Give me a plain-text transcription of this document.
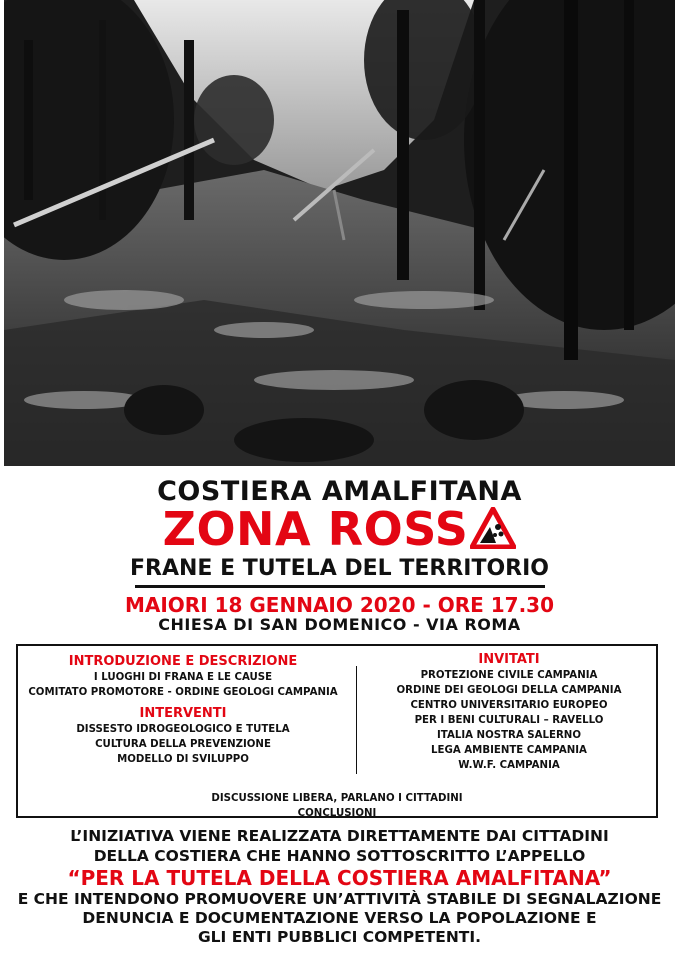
COSTIERA AMALFITANA
ZONA ROSS
FRANE E TUTELA DEL TERRITORIO
MAIORI 18 GENNAIO 2020 - ORE 17.30
CHIESA DI SAN DOMENICO - VIA ROMA
INTRODUZIONE E DESCRIZIONE
I LUOGHI DI FRANA E LE CAUSE
COMITATO PROMOTORE - ORDINE GEOLOGI CAMPANIA
INTERVENTI
DISSESTO IDROGEOLOGICO E TUTELA
CULTURA DELLA PREVENZIONE
MODELLO DI SVILUPPO
INVITATI
PROTEZIONE CIVILE CAMPANIA
ORDINE DEI GEOLOGI DELLA CAMPANIA
CENTRO UNIVERSITARIO EUROPEO
PER I BENI CULTURALI – RAVELLO
ITALIA NOSTRA SALERNO
LEGA AMBIENTE CAMPANIA
W.W.F. CAMPANIA
DISCUSSIONE LIBERA, PARLANO I CITTADINI
CONCLUSIONI
L’INIZIATIVA VIENE REALIZZATA DIRETTAMENTE DAI CITTADINI
DELLA COSTIERA CHE HANNO SOTTOSCRITTO L’APPELLO
“PER LA TUTELA DELLA COSTIERA AMALFITANA”
E CHE INTENDONO PROMUOVERE UN’ATTIVITÀ STABILE DI SEGNALAZIONE
DENUNCIA E DOCUMENTAZIONE VERSO LA POPOLAZIONE E
GLI ENTI PUBBLICI COMPETENTI.
